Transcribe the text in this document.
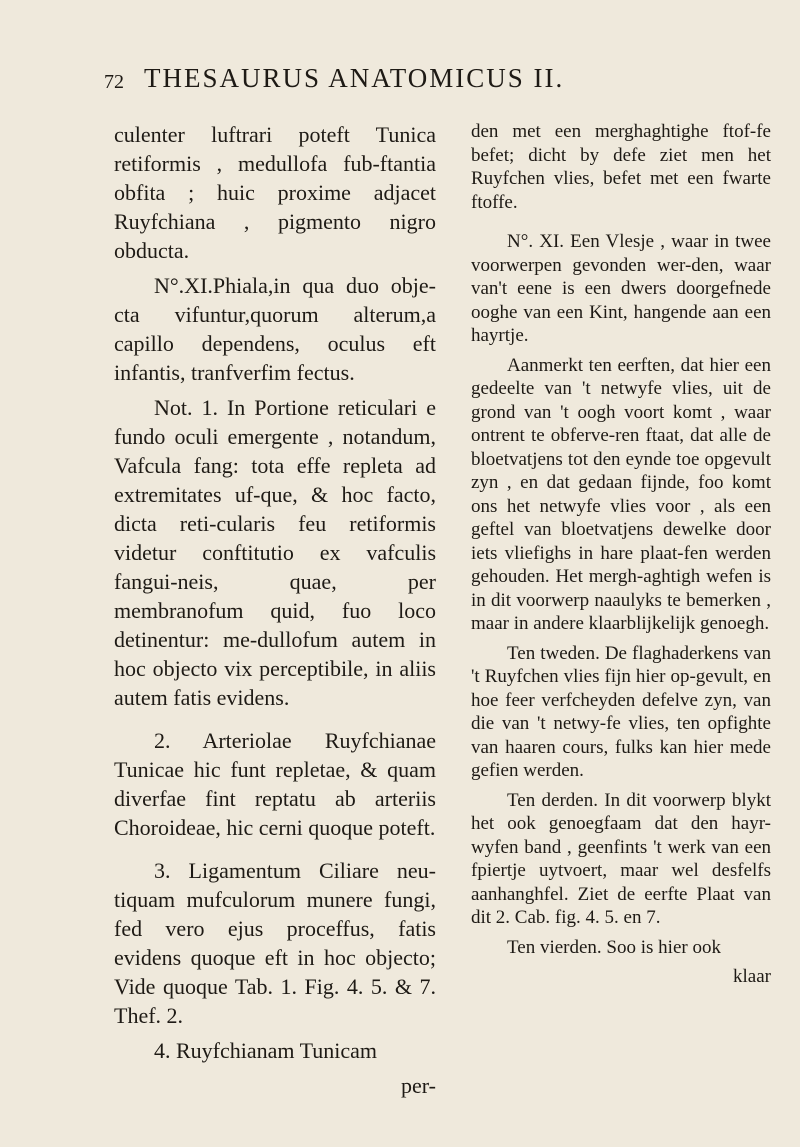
72 THESAURUS ANATOMICUS II.

culenter luftrari poteft Tunica retiformis , medullofa fub-ftantia obfita ; huic proxime adjacet Ruyfchiana , pigmento nigro obducta.

N°.XI.Phiala,in qua duo obje-cta vifuntur,quorum alterum,a capillo dependens, oculus eft infantis, tranfverfim fectus.

Not. 1. In Portione reticulari e fundo oculi emergente , notandum, Vafcula fang: tota effe repleta ad extremitates uf-que, & hoc facto, dicta reti-cularis feu retiformis videtur conftitutio ex vafculis fangui-neis, quae, per membranofum quid, fuo loco detinentur: me-dullofum autem in hoc objecto vix perceptibile, in aliis autem fatis evidens.

2. Arteriolae Ruyfchianae Tunicae hic funt repletae, & quam diverfae fint reptatu ab arteriis Choroideae, hic cerni quoque poteft.

3. Ligamentum Ciliare neu-tiquam mufculorum munere fungi, fed vero ejus proceffus, fatis evidens quoque eft in hoc objecto; Vide quoque Tab. 1. Fig. 4. 5. & 7. Thef. 2.

4. Ruyfchianam Tunicam

per-

den met een merghaghtighe ftof-fe befet; dicht by defe ziet men het Ruyfchen vlies, befet met een fwarte ftoffe.

N°. XI. Een Vlesje , waar in twee voorwerpen gevonden wer-den, waar van't eene is een dwers doorgefnede ooghe van een Kint, hangende aan een hayrtje.

Aanmerkt ten eerften, dat hier een gedeelte van 't netwyfe vlies, uit de grond van 't oogh voort komt , waar ontrent te obferve-ren ftaat, dat alle de bloetvatjens tot den eynde toe opgevult zyn , en dat gedaan fijnde, foo komt ons het netwyfe vlies voor , als een geftel van bloetvatjens dewelke door iets vliefighs in hare plaat-fen werden gehouden. Het mergh-aghtigh wefen is in dit voorwerp naaulyks te bemerken , maar in andere klaarblijkelijk genoegh.

Ten tweden. De flaghaderkens van 't Ruyfchen vlies fijn hier op-gevult, en hoe feer verfcheyden defelve zyn, van die van 't netwy-fe vlies, ten opfighte van haaren cours, fulks kan hier mede gefien werden.

Ten derden. In dit voorwerp blykt het ook genoegfaam dat den hayr-wyfen band , geenfints 't werk van een fpiertje uytvoert, maar wel desfelfs aanhanghfel. Ziet de eerfte Plaat van dit 2. Cab. fig. 4. 5. en 7.

Ten vierden. Soo is hier ook

klaar
